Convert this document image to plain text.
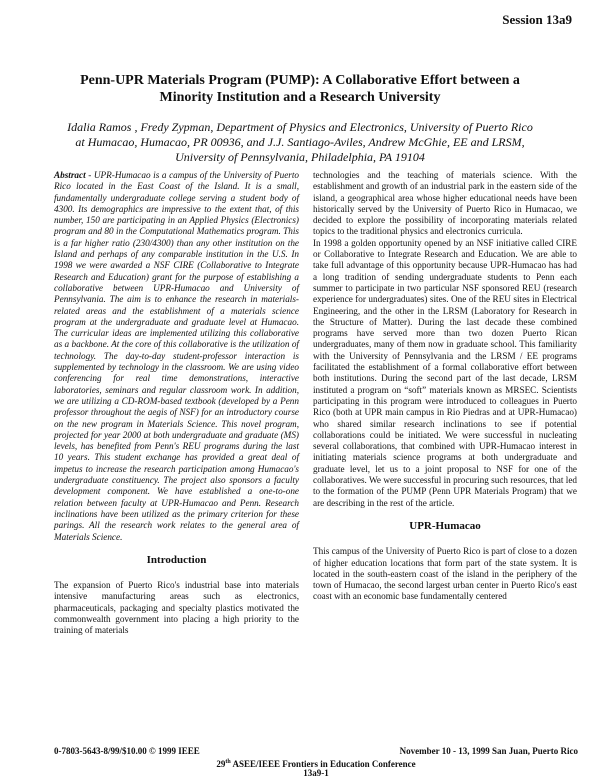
Session 13a9
Penn-UPR Materials Program (PUMP): A Collaborative Effort between a
Minority Institution and a Research University
Idalia Ramos , Fredy Zypman, Department of Physics and Electronics, University of Puerto Rico
at Humacao, Humacao, PR 00936, and J.J. Santiago-Aviles, Andrew McGhie, EE and LRSM,
University of Pennsylvania, Philadelphia, PA 19104

Abstract - UPR-Humacao is a campus of the University of Puerto Rico located in the East Coast of the Island. It is a small, fundamentally undergraduate college serving a student body of 4300. Its demographics are impressive to the extent that, of this number, 150 are participating in an Applied Physics (Electronics) program and 80 in the Computational Mathematics program. This is a far higher ratio (230/4300) than any other institution on the Island and perhaps of any comparable institution in the U.S. In 1998 we were awarded a NSF CIRE (Collaborative to Integrate Research and Education) grant for the purpose of establishing a collaborative between UPR-Humacao and University of Pennsylvania. The aim is to enhance the research in materials-related areas and the establishment of a materials science program at the undergraduate and graduate level at Humacao. The curricular ideas are implemented utilizing this collaborative as a backbone. At the core of this collaborative is the utilization of technology. The day-to-day student-professor interaction is supplemented by technology in the classroom. We are using video conferencing for real time demonstrations, interactive laboratories, seminars and regular classroom work. In addition, we are utilizing a CD-ROM-based textbook (developed by a Penn professor throughout the aegis of NSF) for an introductory course on the new program in Materials Science. This novel program, projected for year 2000 at both undergraduate and graduate (MS) levels, has benefited from Penn's REU programs during the last 10 years. This student exchange has provided a great deal of impetus to increase the research participation among Humacao's undergraduate constituency. The project also sponsors a faculty development component. We have established a one-to-one relation between faculty at UPR-Humacao and Penn. Research inclinations have been utilized as the primary criterion for these parings. All the research work relates to the general area of Materials Science.

Introduction

The expansion of Puerto Rico's industrial base into materials intensive manufacturing areas such as electronics, pharmaceuticals, packaging and specialty plastics motivated the commonwealth government into placing a high priority to the training of materials

technologies and the teaching of materials science. With the establishment and growth of an industrial park in the eastern side of the island, a geographical area whose higher educational needs have been historically served by the University of Puerto Rico in Humacao, we decided to explore the possibility of incorporating materials related topics to the traditional physics and electronics curricula.

In 1998 a golden opportunity opened by an NSF initiative called CIRE or Collaborative to Integrate Research and Education. We are able to take full advantage of this opportunity because UPR-Humacao has had a long tradition of sending undergraduate students to Penn each summer to participate in two particular NSF sponsored REU (research experience for undergraduates) sites. One of the REU sites in Electrical Engineering, and the other in the LRSM (Laboratory for Research in the Structure of Matter). During the last decade these combined programs have served more than two dozen Puerto Rican undergraduates, many of them now in graduate school. This familiarity with the University of Pennsylvania and the LRSM / EE programs facilitated the establishment of a formal collaborative effort between both institutions. During the second part of the last decade, LRSM instituted a program on “soft” materials known as MRSEC. Scientists participating in this program were introduced to colleagues in Puerto Rico (both at UPR main campus in Rio Piedras and at UPR-Humacao) who shared similar research inclinations to see if potential collaborations could be initiated. We were successful in nucleating several collaborations, that combined with UPR-Humacao interest in initiating materials science programs at both undergraduate and graduate level, let us to a joint proposal to NSF for one of the collaboratives. We were successful in procuring such resources, that led to the formation of the PUMP (Penn UPR Materials Program) that we are describing in the rest of the article.

UPR-Humacao

This campus of the University of Puerto Rico is part of close to a dozen of higher education locations that form part of the state system. It is located in the south-eastern coast of the island in the periphery of the town of Humacao, the second largest urban center in Puerto Rico's east coast with an economic base fundamentally centered

0-7803-5643-8/99/$10.00 © 1999 IEEE	November 10 - 13, 1999 San Juan, Puerto Rico
29th ASEE/IEEE Frontiers in Education Conference
13a9-1
